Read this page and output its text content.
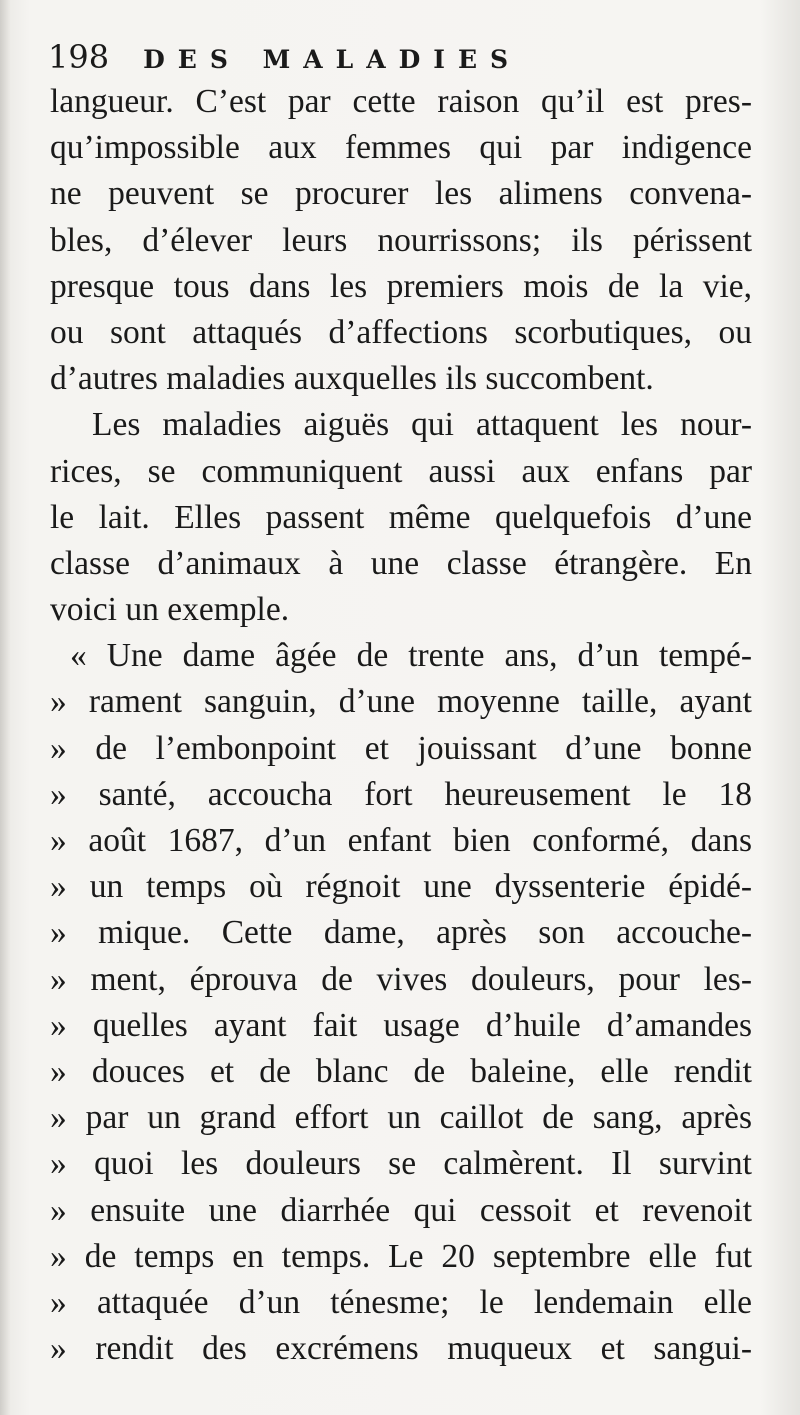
198 DES MALADIES
langueur. C’est par cette raison qu’il est pres-
qu’impossible aux femmes qui par indigence
ne peuvent se procurer les alimens convena-
bles, d’élever leurs nourrissons; ils périssent
presque tous dans les premiers mois de la vie,
ou sont attaqués d’affections scorbutiques, ou
d’autres maladies auxquelles ils succombent.
Les maladies aiguës qui attaquent les nour-
rices, se communiquent aussi aux enfans par
le lait. Elles passent même quelquefois d’une
classe d’animaux à une classe étrangère. En
voici un exemple.
« Une dame âgée de trente ans, d’un tempé-
» rament sanguin, d’une moyenne taille, ayant
» de l’embonpoint et jouissant d’une bonne
» santé, accoucha fort heureusement le 18
» août 1687, d’un enfant bien conformé, dans
» un temps où régnoit une dyssenterie épidé-
» mique. Cette dame, après son accouche-
» ment, éprouva de vives douleurs, pour les-
» quelles ayant fait usage d’huile d’amandes
» douces et de blanc de baleine, elle rendit
» par un grand effort un caillot de sang, après
» quoi les douleurs se calmèrent. Il survint
» ensuite une diarrhée qui cessoit et revenoit
» de temps en temps. Le 20 septembre elle fut
» attaquée d’un ténesme; le lendemain elle
» rendit des excrémens muqueux et sangui-
